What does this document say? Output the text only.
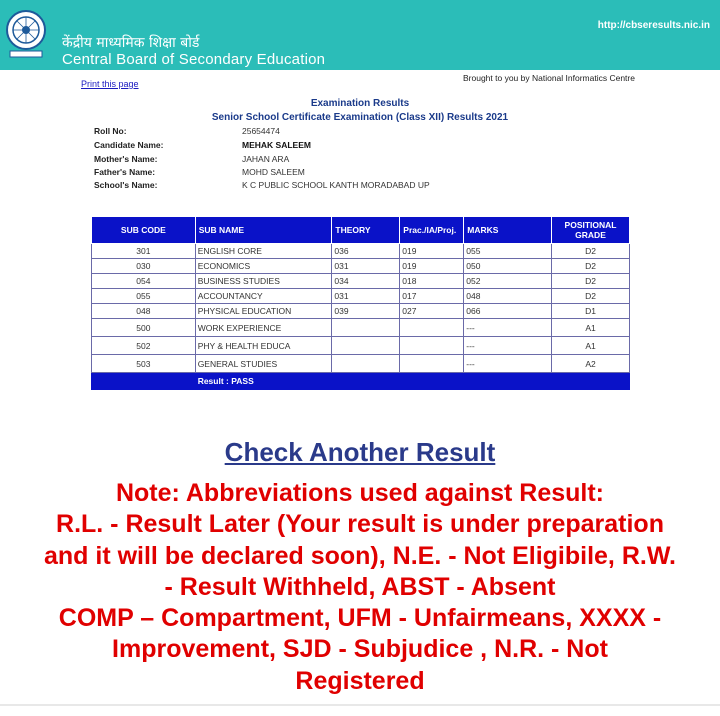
केंद्रीय माध्यमिक शिक्षा बोर्ड
Central Board of Secondary Education
http://cbseresults.nic.in
Print this page
Brought to you by National Informatics Centre
Examination Results
Senior School Certificate Examination (Class XII) Results 2021
Roll No:	25654474
Candidate Name:	MEHAK SALEEM
Mother's Name:	JAHAN ARA
Father's Name:	MOHD SALEEM
School's Name:	K C PUBLIC SCHOOL KANTH MORADABAD UP
SUB CODE	SUB NAME	THEORY	Prac./IA/Proj.	MARKS	POSITIONAL GRADE
301	ENGLISH CORE	036	019	055	D2
030	ECONOMICS	031	019	050	D2
054	BUSINESS STUDIES	034	018	052	D2
055	ACCOUNTANCY	031	017	048	D2
048	PHYSICAL EDUCATION	039	027	066	D1
500	WORK EXPERIENCE			---	A1
502	PHY & HEALTH EDUCA			---	A1
503	GENERAL STUDIES			---	A2
	Result : PASS				
Check Another Result
Note: Abbreviations used against Result:
R.L. - Result Later (Your result is under preparation
and it will be declared soon), N.E. - Not Eligibile, R.W.
- Result Withheld, ABST - Absent
COMP – Compartment, UFM - Unfairmeans, XXXX -
Improvement, SJD - Subjudice , N.R. - Not
Registered
